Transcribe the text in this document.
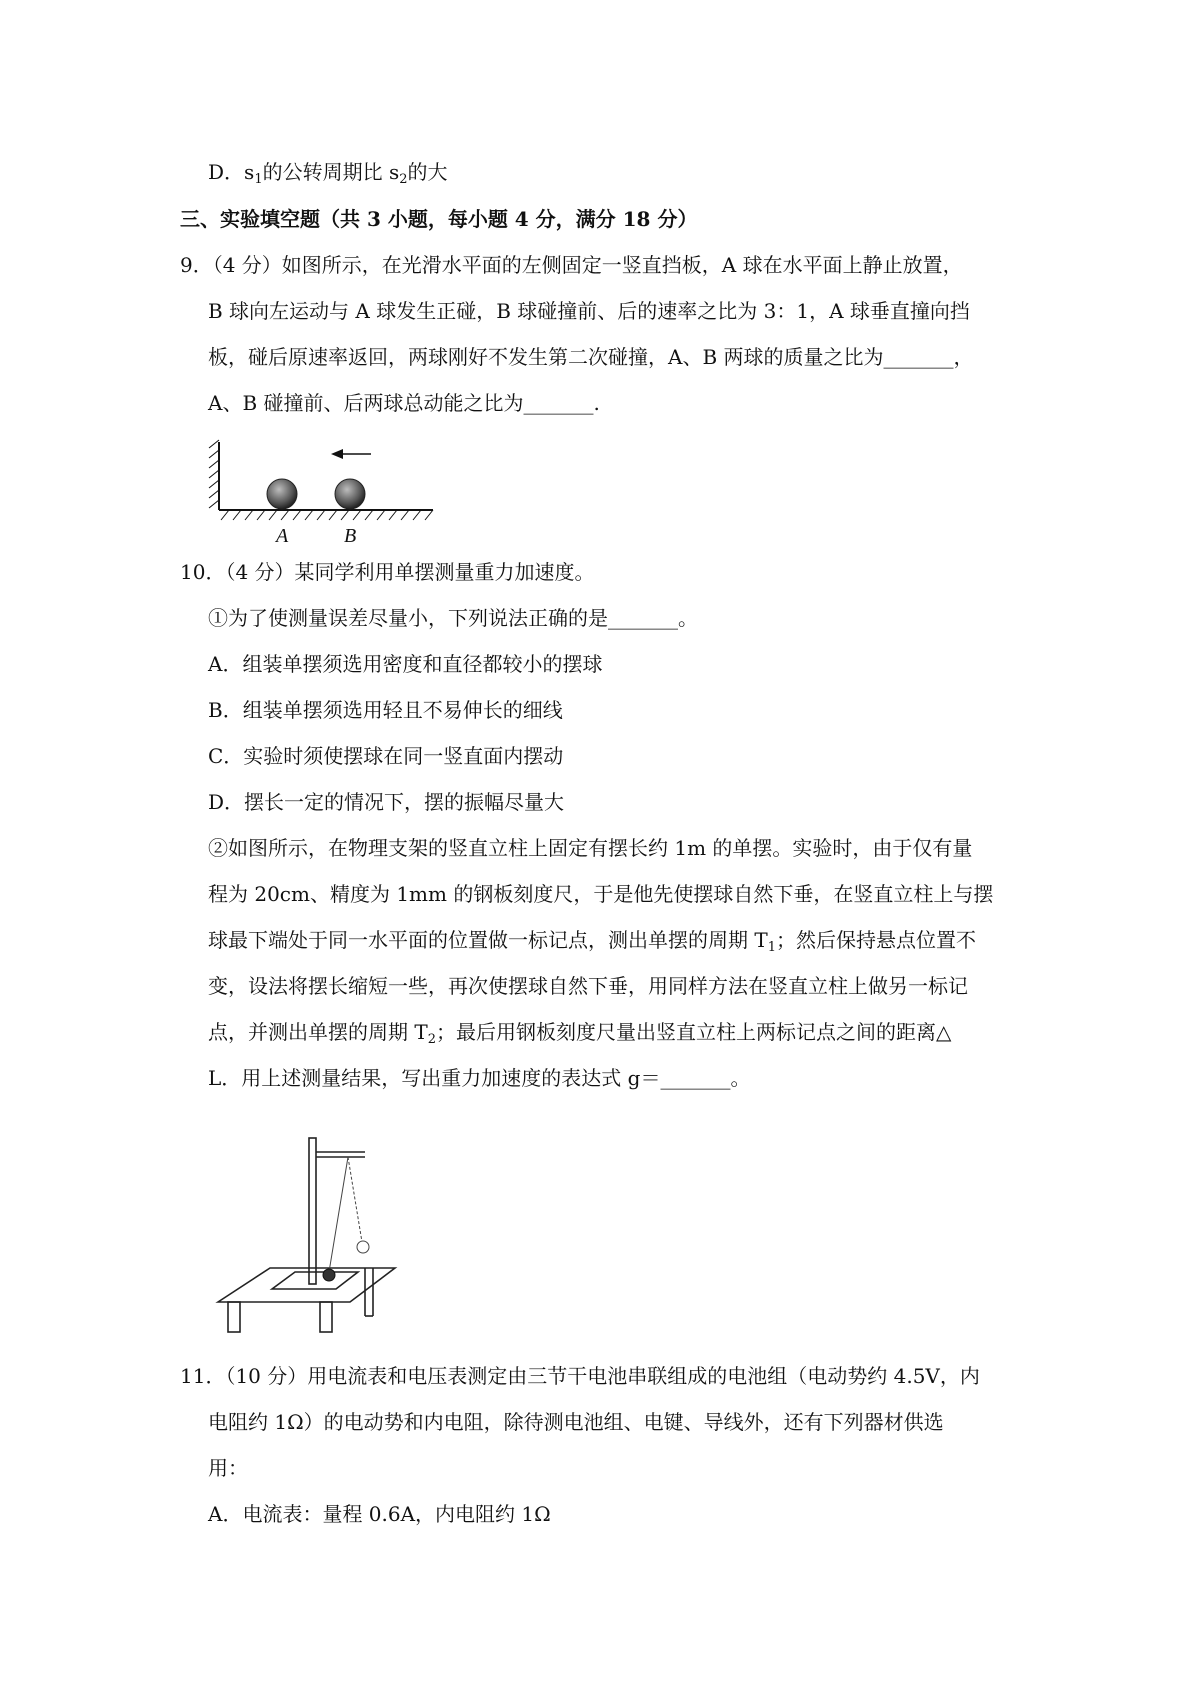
D．$s_1$的公转周期比 $s_2$的大
三、实验填空题（共 3 小题，每小题 4 分，满分 18 分）
9．（4 分）如图所示，在光滑水平面的左侧固定一竖直挡板，A 球在水平面上静止放置，
B 球向左运动与 A 球发生正碰，B 球碰撞前、后的速率之比为 3：1，A 球垂直撞向挡
板，碰后原速率返回，两球刚好不发生第二次碰撞，A、B 两球的质量之比为_______，
A、B 碰撞前、后两球总动能之比为_______.
A	B
10．（4 分）某同学利用单摆测量重力加速度。
①为了使测量误差尽量小，下列说法正确的是_______。
A．组装单摆须选用密度和直径都较小的摆球
B．组装单摆须选用轻且不易伸长的细线
C．实验时须使摆球在同一竖直面内摆动
D．摆长一定的情况下，摆的振幅尽量大
②如图所示，在物理支架的竖直立柱上固定有摆长约 1m 的单摆。实验时，由于仅有量
程为 20cm、精度为 1mm 的钢板刻度尺，于是他先使摆球自然下垂，在竖直立柱上与摆
球最下端处于同一水平面的位置做一标记点，测出单摆的周期 $T_1$；然后保持悬点位置不
变，设法将摆长缩短一些，再次使摆球自然下垂，用同样方法在竖直立柱上做另一标记
点，并测出单摆的周期 $T_2$；最后用钢板刻度尺量出竖直立柱上两标记点之间的距离△
L．用上述测量结果，写出重力加速度的表达式 g＝_______。
11．（10 分）用电流表和电压表测定由三节干电池串联组成的电池组（电动势约 4.5V，内
电阻约 1Ω）的电动势和内电阻，除待测电池组、电键、导线外，还有下列器材供选
用：
A．电流表：量程 0.6A，内电阻约 1Ω
